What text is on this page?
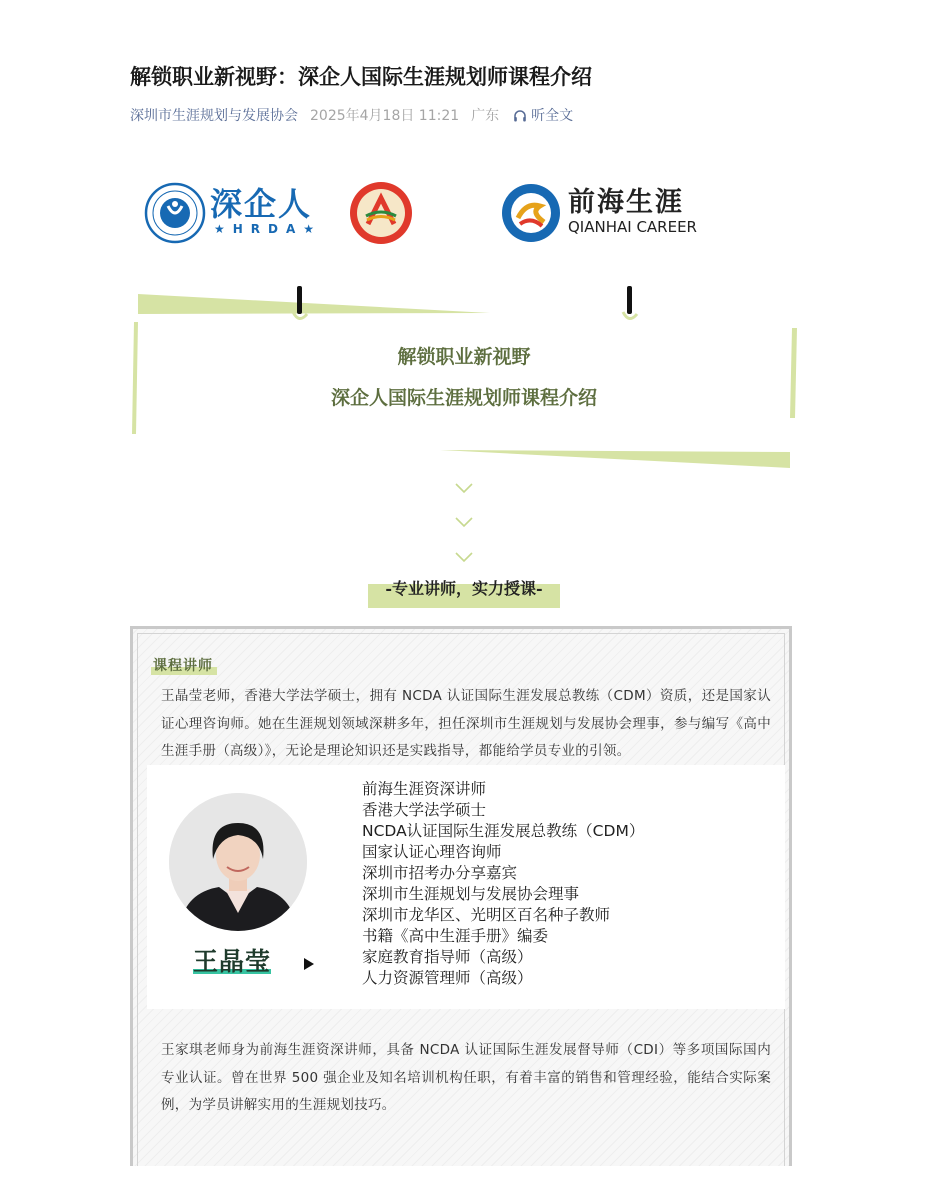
解锁职业新视野：深企人国际生涯规划师课程介绍
深圳市生涯规划与发展协会 2025年4月18日 11:21 广东 听全文
深企人
★HRDA★
前海生涯
QIANHAI CAREER
解锁职业新视野
深企人国际生涯规划师课程介绍
-专业讲师，实力授课-
课程讲师
王晶莹老师，香港大学法学硕士，拥有 NCDA 认证国际生涯发展总教练（CDM）资质，还是国家认证心理咨询师。她在生涯规划领域深耕多年，担任深圳市生涯规划与发展协会理事，参与编写《高中生涯手册（高级）》，无论是理论知识还是实践指导，都能给学员专业的引领。
王晶莹
前海生涯资深讲师
香港大学法学硕士
NCDA认证国际生涯发展总教练（CDM）
国家认证心理咨询师
深圳市招考办分享嘉宾
深圳市生涯规划与发展协会理事
深圳市龙华区、光明区百名种子教师
书籍《高中生涯手册》编委
家庭教育指导师（高级）
人力资源管理师（高级）
王家琪老师身为前海生涯资深讲师，具备 NCDA 认证国际生涯发展督导师（CDI）等多项国际国内专业认证。曾在世界 500 强企业及知名培训机构任职，有着丰富的销售和管理经验，能结合实际案例，为学员讲解实用的生涯规划技巧。
